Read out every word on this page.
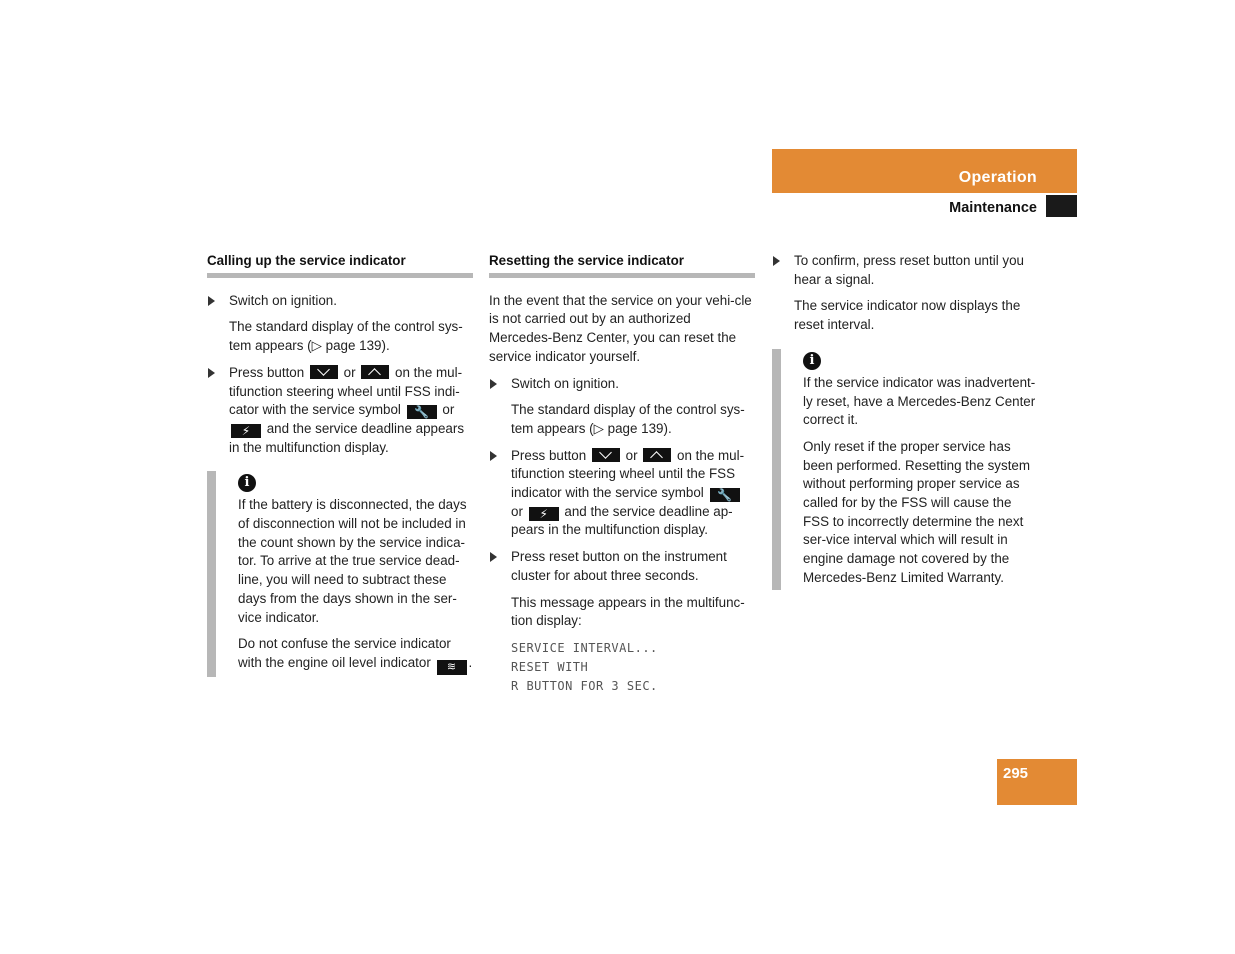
Operation
Maintenance
Calling up the service indicator
Switch on ignition.
The standard display of the control sys-tem appears (▷ page 139).
Press button	or	on the mul-tifunction steering wheel until FSS indi-cator with the service symbol 🔧 or ⚡ and the service deadline appears in the multifunction display.
i
If the battery is disconnected, the days of disconnection will not be included in the count shown by the service indica-tor. To arrive at the true service dead-line, you will need to subtract these days from the days shown in the ser-vice indicator.
Do not confuse the service indicator with the engine oil level indicator ≋ .
Resetting the service indicator
In the event that the service on your vehi-cle is not carried out by an authorized Mercedes-Benz Center, you can reset the service indicator yourself.
Switch on ignition.
The standard display of the control sys-tem appears (▷ page 139).
Press button	or	on the mul-tifunction steering wheel until the FSS indicator with the service symbol 🔧 or ⚡ and the service deadline ap-pears in the multifunction display.
Press reset button on the instrument cluster for about three seconds.
This message appears in the multifunc-tion display:
SERVICE INTERVAL...
RESET WITH
R BUTTON FOR 3 SEC.
To confirm, press reset button until you hear a signal.
The service indicator now displays the reset interval.
i
If the service indicator was inadvertent-ly reset, have a Mercedes-Benz Center correct it.
Only reset if the proper service has been performed. Resetting the system without performing proper service as called for by the FSS will cause the FSS to incorrectly determine the next ser-vice interval which will result in engine damage not covered by the Mercedes-Benz Limited Warranty.
295
